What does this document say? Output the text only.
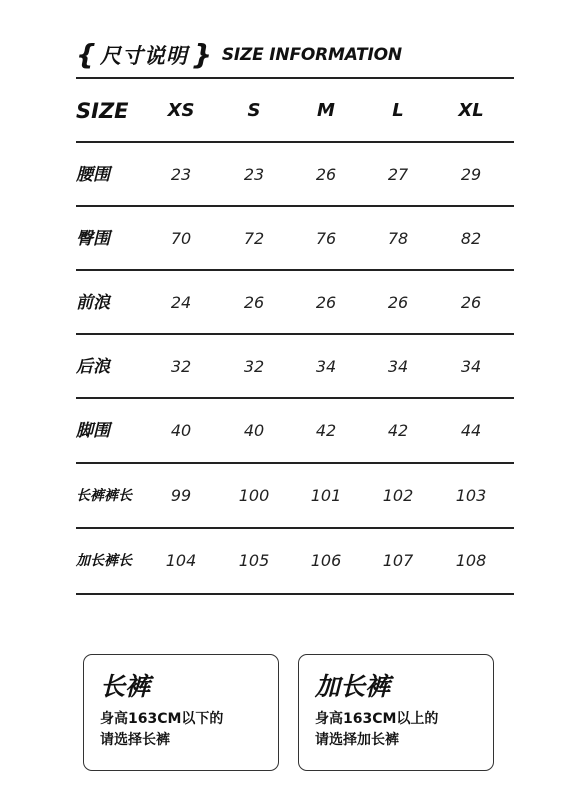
{ 尺寸说明 } SIZE INFORMATION
SIZE	XS	S	M	L	XL
腰围	23	23	26	27	29
臀围	70	72	76	78	82
前浪	24	26	26	26	26
后浪	32	32	34	34	34
脚围	40	40	42	42	44
长裤裤长	99	100	101	102	103
加长裤长	104	105	106	107	108
长裤
身高163CM以下的
请选择长裤
加长裤
身高163CM以上的
请选择加长裤
